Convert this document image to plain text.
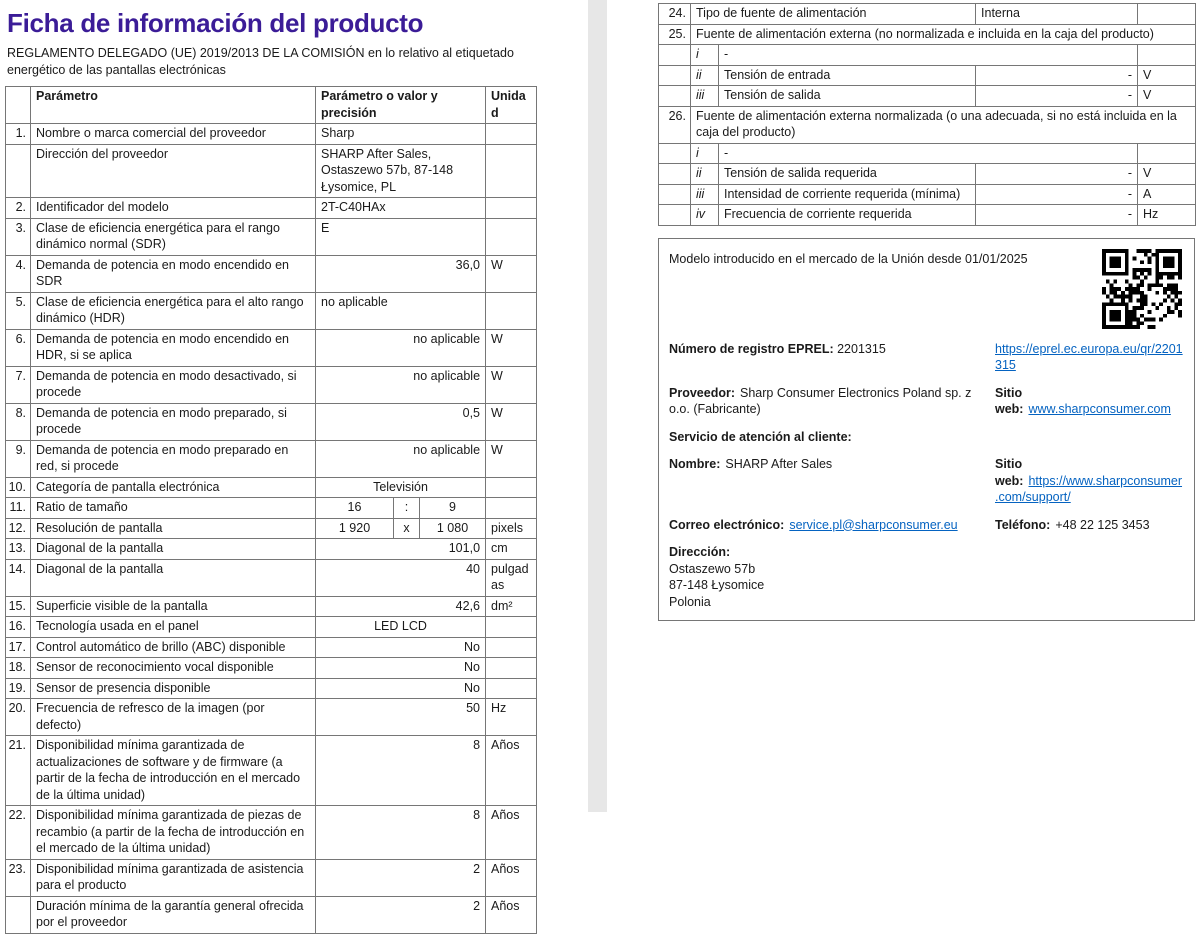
Ficha de información del producto

REGLAMENTO DELEGADO (UE) 2019/2013 DE LA COMISIÓN en lo relativo al etiquetado energético de las pantallas electrónicas

	Parámetro	Parámetro o valor y precisión			Unidad
1.	Nombre o marca comercial del proveedor	Sharp			
	Dirección del proveedor	SHARP After Sales, Ostaszewo 57b, 87-148 Łysomice, PL			
2.	Identificador del modelo	2T-C40HAx			
3.	Clase de eficiencia energética para el rango dinámico normal (SDR)	E			
4.	Demanda de potencia en modo encendido en SDR	36,0			W
5.	Clase de eficiencia energética para el alto rango dinámico (HDR)	no aplicable			
6.	Demanda de potencia en modo encendido en HDR, si se aplica	no aplicable			W
7.	Demanda de potencia en modo desactivado, si procede	no aplicable			W
8.	Demanda de potencia en modo preparado, si procede	0,5			W
9.	Demanda de potencia en modo preparado en red, si procede	no aplicable			W
10.	Categoría de pantalla electrónica	Televisión			
11.	Ratio de tamaño	16	:	9	
12.	Resolución de pantalla	1 920	x	1 080	pixels
13.	Diagonal de la pantalla	101,0			cm
14.	Diagonal de la pantalla	40			pulgadas
15.	Superficie visible de la pantalla	42,6			dm²
16.	Tecnología usada en el panel	LED LCD			
17.	Control automático de brillo (ABC) disponible	No			
18.	Sensor de reconocimiento vocal disponible	No			
19.	Sensor de presencia disponible	No			
20.	Frecuencia de refresco de la imagen (por defecto)	50			Hz
21.	Disponibilidad mínima garantizada de actualizaciones de software y de firmware (a partir de la fecha de introducción en el mercado de la última unidad)	8			Años
22.	Disponibilidad mínima garantizada de piezas de recambio (a partir de la fecha de introducción en el mercado de la última unidad)	8			Años
23.	Disponibilidad mínima garantizada de asistencia para el producto	2			Años
	Duración mínima de la garantía general ofrecida por el proveedor	2			Años
24.	Tipo de fuente de alimentación		Interna	
25.	Fuente de alimentación externa (no normalizada e incluida en la caja del producto)			
	i	-		
	ii	Tensión de entrada	-	V
	iii	Tensión de salida	-	V
26.	Fuente de alimentación externa normalizada (o una adecuada, si no está incluida en la caja del producto)			
	i	-		
	ii	Tensión de salida requerida	-	V
	iii	Intensidad de corriente requerida (mínima)	-	A
	iv	Frecuencia de corriente requerida	-	Hz
Modelo introducido en el mercado de la Unión desde 01/01/2025
Número de registro EPREL: 2201315	https://eprel.ec.europa.eu/qr/2201315
Proveedor: Sharp Consumer Electronics Poland sp. z o.o. (Fabricante)
Sitio web: www.sharpconsumer.com
Servicio de atención al cliente:
Nombre: SHARP After Sales	Sitio web: https://www.sharpconsumer.com/support/
Correo electrónico: service.pl@sharpconsumer.eu	Teléfono: +48 22 125 3453
Dirección:
Ostaszewo 57b
87-148 Łysomice
Polonia
